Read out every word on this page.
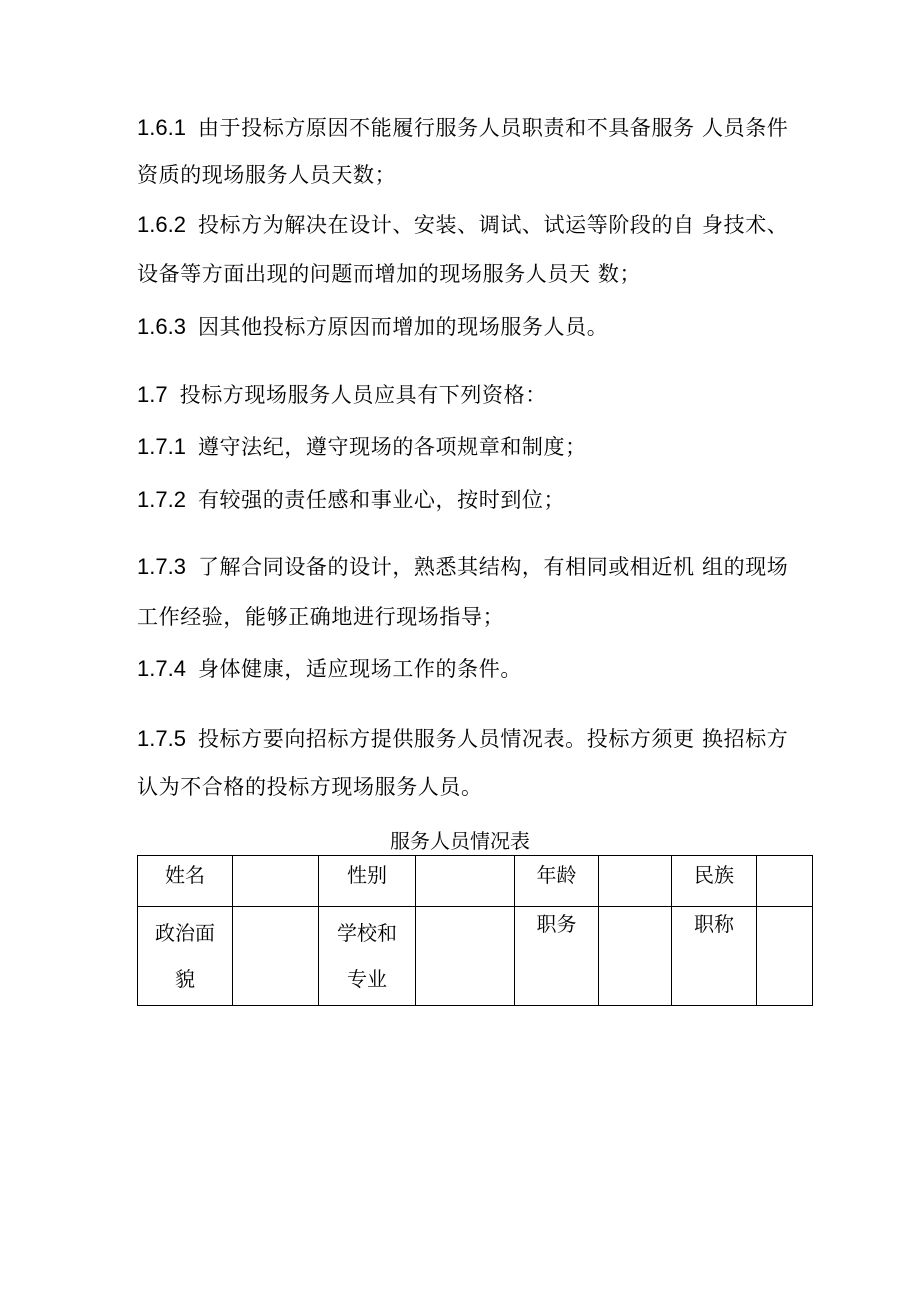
1.6.1 由于投标方原因不能履行服务人员职责和不具备服务 人员条件
资质的现场服务人员天数；
1.6.2 投标方为解决在设计、安装、调试、试运等阶段的自 身技术、
设备等方面出现的问题而增加的现场服务人员天 数；
1.6.3 因其他投标方原因而增加的现场服务人员。
1.7 投标方现场服务人员应具有下列资格：
1.7.1 遵守法纪，遵守现场的各项规章和制度；
1.7.2 有较强的责任感和事业心，按时到位；
1.7.3 了解合同设备的设计，熟悉其结构，有相同或相近机 组的现场
工作经验，能够正确地进行现场指导；
1.7.4 身体健康，适应现场工作的条件。
1.7.5 投标方要向招标方提供服务人员情况表。投标方须更 换招标方
认为不合格的投标方现场服务人员。
服务人员情况表
姓名		性别		年龄		民族	

政治面
貌		学校和
专业		职务		职称	
